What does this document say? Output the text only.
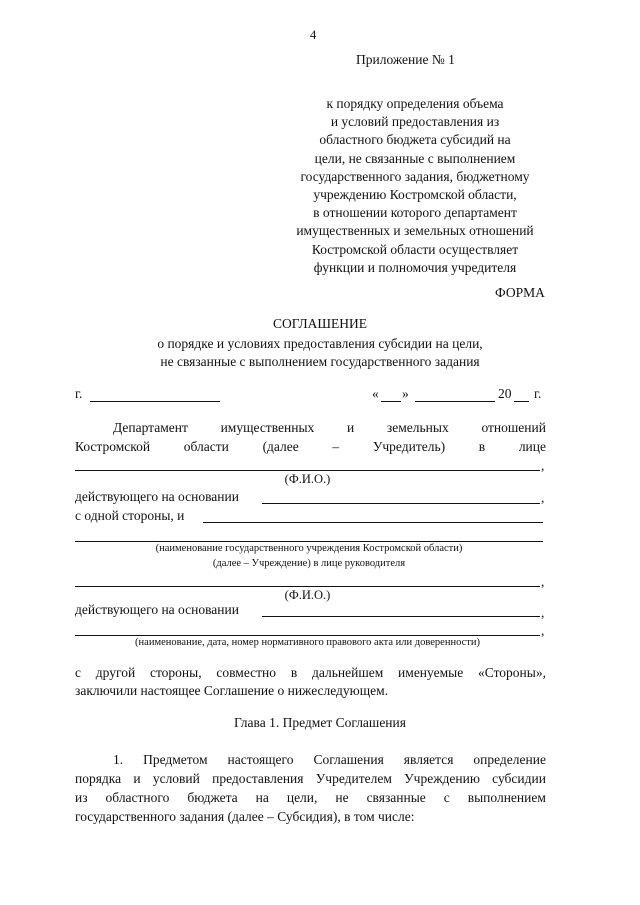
4
Приложение № 1
к порядку определения объема
и условий предоставления из
областного бюджета субсидий на
цели, не связанные с выполнением
государственного задания, бюджетному
учреждению Костромской области,
в отношении которого департамент
имущественных и земельных отношений
Костромской области осуществляет
функции и полномочия учредителя
ФОРМА
СОГЛАШЕНИЕ
о порядке и условиях предоставления субсидии на цели,
не связанные с выполнением государственного задания
г.	« »	20 г.
Департамент имущественных и земельных отношений
Костромской области (далее – Учредитель) в лице
,
(Ф.И.О.)
действующего на основании	,
с одной стороны, и
(наименование государственного учреждения Костромской области)
(далее – Учреждение) в лице руководителя
,
(Ф.И.О.)
действующего на основании	,
,
(наименование, дата, номер нормативного правового акта или доверенности)
с другой стороны, совместно в дальнейшем именуемые «Стороны»,
заключили настоящее Соглашение о нижеследующем.
Глава 1. Предмет Соглашения
1. Предметом настоящего Соглашения является определение
порядка и условий предоставления Учредителем Учреждению субсидии
из областного бюджета на цели, не связанные с выполнением
государственного задания (далее – Субсидия), в том числе:
